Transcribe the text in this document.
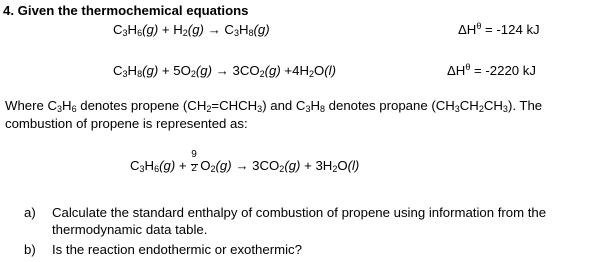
4. Given the thermochemical equations
$C_3H_6(g) + H_2(g) \to C_3H_8(g)$	$\Delta H^\theta = -124$ kJ
$C_3H_8(g) + 5O_2(g) \to 3CO_2(g) +4H_2O(l)$	$\Delta H^\theta = -2220$ kJ
Where $C_3H_6$ denotes propene $(CH_2=CHCH_3)$ and $C_3H_8$ denotes propane $(CH_3CH_2CH_3)$. The combustion of propene is represented as:
$C_3H_6(g) + \frac{9}{2} O_2(g) \to 3CO_2(g) + 3H_2O(l)$
a) Calculate the standard enthalpy of combustion of propene using information from the thermodynamic data table.
b) Is the reaction endothermic or exothermic?
